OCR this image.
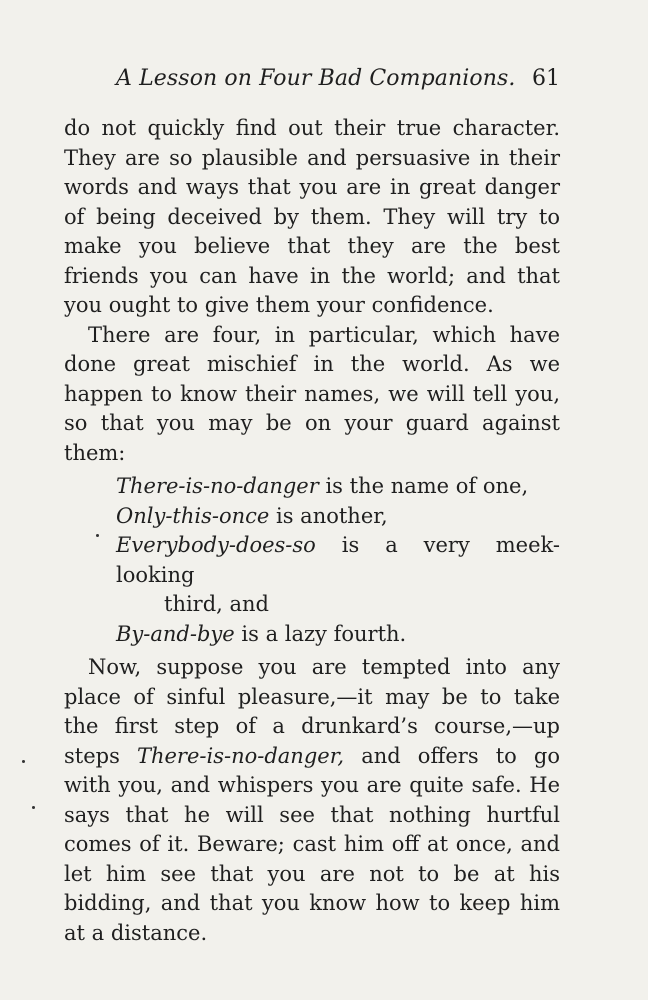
A Lesson on Four Bad Companions. 61

do not quickly find out their true character. They are so plausible and persuasive in their words and ways that you are in great danger of being deceived by them. They will try to make you believe that they are the best friends you can have in the world; and that you ought to give them your confidence.

There are four, in particular, which have done great mischief in the world. As we happen to know their names, we will tell you, so that you may be on your guard against them:

There-is-no-danger is the name of one,
Only-this-once is another,
Everybody-does-so is a very meek-looking
third, and
By-and-bye is a lazy fourth.

Now, suppose you are tempted into any place of sinful pleasure,—it may be to take the first step of a drunkard’s course,—up steps There-is-no-danger, and offers to go with you, and whispers you are quite safe. He says that he will see that nothing hurtful comes of it. Beware; cast him off at once, and let him see that you are not to be at his bidding, and that you know how to keep him at a distance.
